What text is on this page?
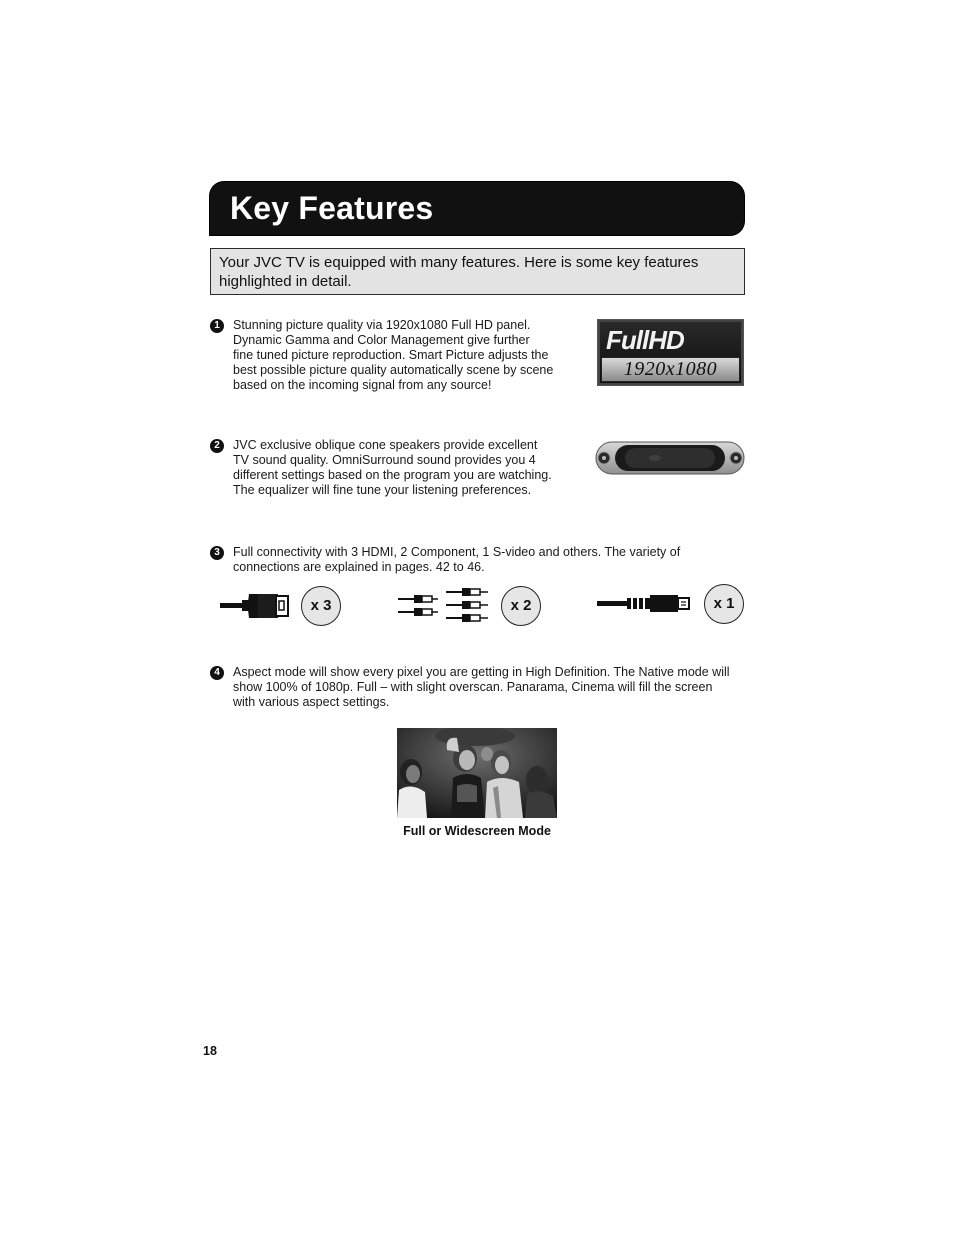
Key Features
Your JVC TV is equipped with many features. Here is some key features highlighted in detail.
1	Stunning picture quality via 1920x1080 Full HD panel.
Dynamic Gamma and Color Management give further
fine tuned picture reproduction. Smart Picture adjusts the
best possible picture quality automatically scene by scene
based on the incoming signal from any source!
FullHD
1920x1080
2	JVC exclusive oblique cone speakers provide excellent
TV sound quality. OmniSurround sound provides you 4
different settings based on the program you are watching.
The equalizer will fine tune your listening preferences.
3	Full connectivity with 3 HDMI, 2 Component, 1 S-video and others. The variety of
connections are explained in pages. 42 to 46.
x 3	x 2	x 1
4	Aspect mode will show every pixel you are getting in High Definition. The Native mode will
show 100% of 1080p. Full – with slight overscan. Panarama, Cinema will fill the screen
with various aspect settings.
Full or Widescreen Mode
18
